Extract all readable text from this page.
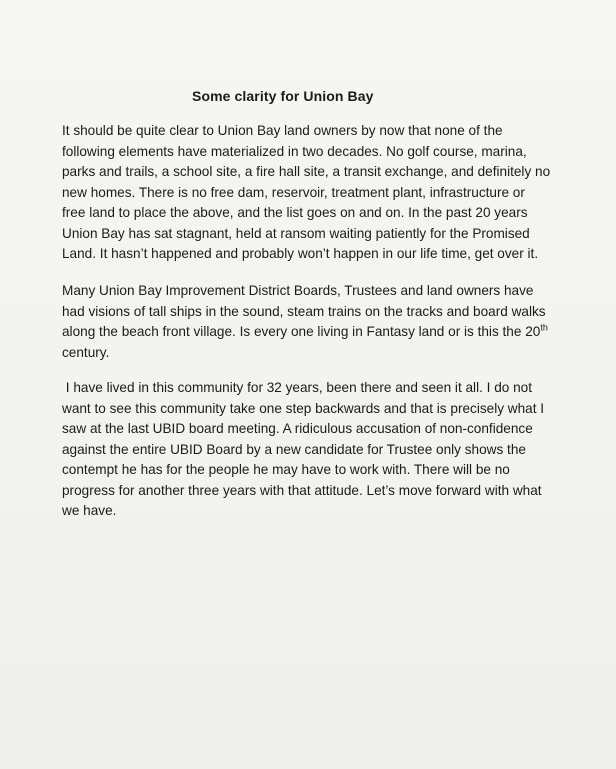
Some clarity for Union Bay

It should be quite clear to Union Bay land owners by now that none of the
following elements have materialized in two decades. No golf course, marina,
parks and trails, a school site, a fire hall site, a transit exchange, and definitely no
new homes. There is no free dam, reservoir, treatment plant, infrastructure or
free land to place the above, and the list goes on and on. In the past 20 years
Union Bay has sat stagnant, held at ransom waiting patiently for the Promised
Land. It hasn’t happened and probably won’t happen in our life time, get over it.

Many Union Bay Improvement District Boards, Trustees and land owners have
had visions of tall ships in the sound, steam trains on the tracks and board walks
along the beach front village. Is every one living in Fantasy land or is this the 20th
century.

I have lived in this community for 32 years, been there and seen it all. I do not
want to see this community take one step backwards and that is precisely what I
saw at the last UBID board meeting. A ridiculous accusation of non-confidence
against the entire UBID Board by a new candidate for Trustee only shows the
contempt he has for the people he may have to work with. There will be no
progress for another three years with that attitude. Let’s move forward with what
we have.
